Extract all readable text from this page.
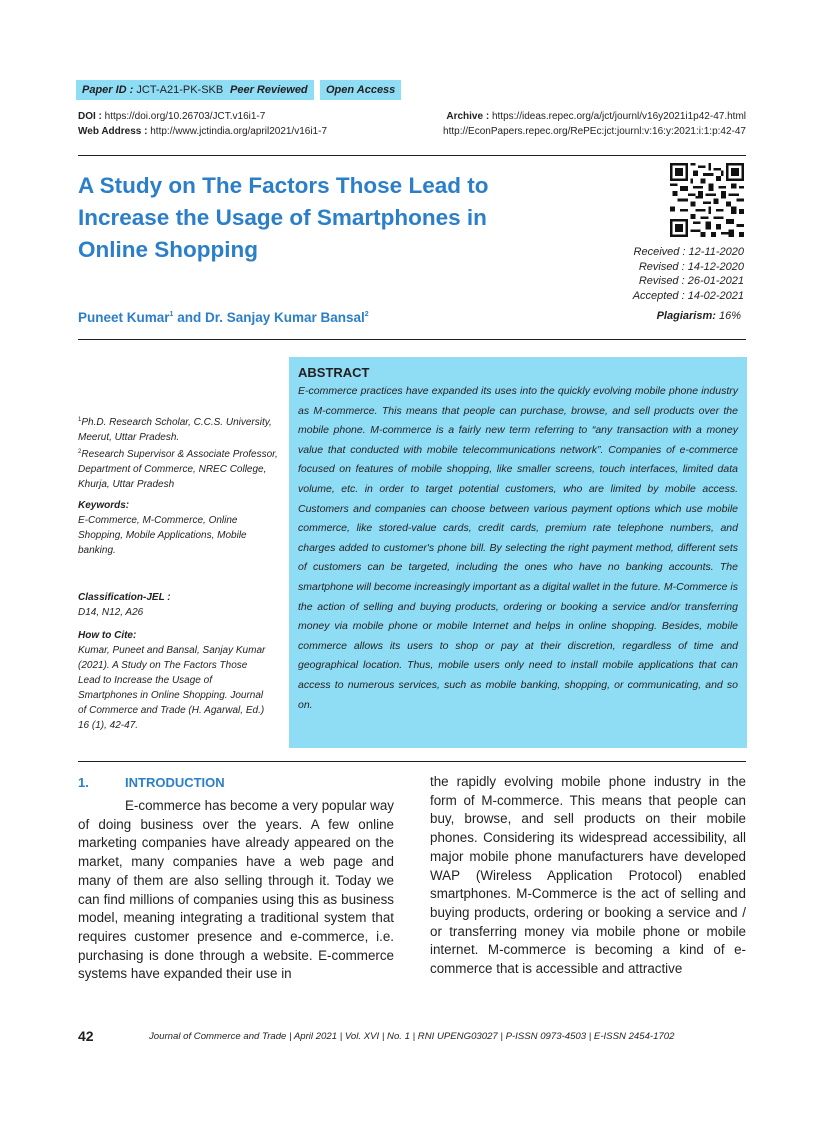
Paper ID : JCT-A21-PK-SKB Peer Reviewed	Open Access
DOI : https://doi.org/10.26703/JCT.v16i1-7
Web Address : http://www.jctindia.org/april2021/v16i1-7
Archive : https://ideas.repec.org/a/jct/journl/v16y2021i1p42-47.html
http://EconPapers.repec.org/RePEc:jct:journl:v:16:y:2021:i:1:p:42-47
A Study on The Factors Those Lead to Increase the Usage of Smartphones in Online Shopping	Received : 12-11-2020
Revised : 14-12-2020
Revised : 26-01-2021
Accepted : 14-02-2021
Puneet Kumar$^1$ and Dr. Sanjay Kumar Bansal$^2$	Plagiarism: 16%
$^1$Ph.D. Research Scholar, C.C.S. University, Meerut, Uttar Pradesh.
$^2$Research Supervisor & Associate Professor, Department of Commerce, NREC College, Khurja, Uttar Pradesh
Keywords:
E-Commerce, M-Commerce, Online Shopping, Mobile Applications, Mobile banking.
Classification-JEL :
D14, N12, A26
How to Cite:
Kumar, Puneet and Bansal, Sanjay Kumar (2021). A Study on The Factors Those Lead to Increase the Usage of Smartphones in Online Shopping. Journal of Commerce and Trade (H. Agarwal, Ed.) 16 (1), 42-47.
ABSTRACT
E-commerce practices have expanded its uses into the quickly evolving mobile phone industry as M-commerce. This means that people can purchase, browse, and sell products over the mobile phone. M-commerce is a fairly new term referring to “any transaction with a money value that conducted with mobile telecommunications network”. Companies of e-commerce focused on features of mobile shopping, like smaller screens, touch interfaces, limited data volume, etc. in order to target potential customers, who are limited by mobile access. Customers and companies can choose between various payment options which use mobile commerce, like stored-value cards, credit cards, premium rate telephone numbers, and charges added to customer's phone bill. By selecting the right payment method, different sets of customers can be targeted, including the ones who have no banking accounts. The smartphone will become increasingly important as a digital wallet in the future. M-Commerce is the action of selling and buying products, ordering or booking a service and/or transferring money via mobile phone or mobile Internet and helps in online shopping. Besides, mobile commerce allows its users to shop or pay at their discretion, regardless of time and geographical location. Thus, mobile users only need to install mobile applications that can access to numerous services, such as mobile banking, shopping, or communicating, and so on.
1.	INTRODUCTION
E-commerce has become a very popular way of doing business over the years. A few online marketing companies have already appeared on the market, many companies have a web page and many of them are also selling through it. Today we can find millions of companies using this as business model, meaning integrating a traditional system that requires customer presence and e-commerce, i.e. purchasing is done through a website. E-commerce systems have expanded their use in
the rapidly evolving mobile phone industry in the form of M-commerce. This means that people can buy, browse, and sell products on their mobile phones. Considering its widespread accessibility, all major mobile phone manufacturers have developed WAP (Wireless Application Protocol) enabled smartphones. M-Commerce is the act of selling and buying products, ordering or booking a service and / or transferring money via mobile phone or mobile internet. M-commerce is becoming a kind of e-commerce that is accessible and attractive
42	Journal of Commerce and Trade | April 2021 | Vol. XVI | No. 1 | RNI UPENG03027 | P-ISSN 0973-4503 | E-ISSN 2454-1702
